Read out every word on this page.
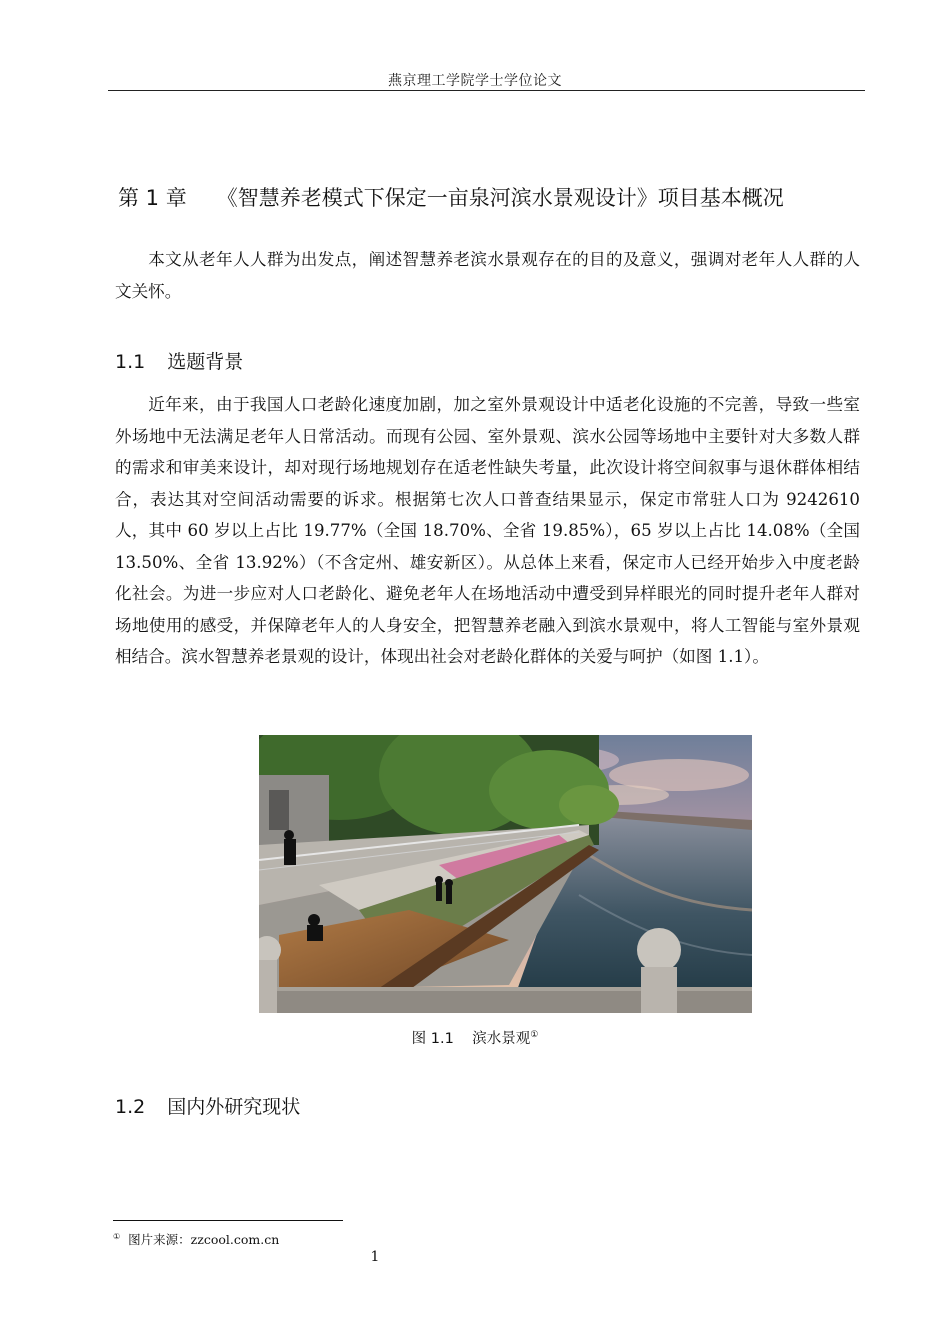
燕京理工学院学士学位论文
第 1 章 《智慧养老模式下保定一亩泉河滨水景观设计》项目基本概况

本文从老年人人群为出发点，阐述智慧养老滨水景观存在的目的及意义，强调对老年人人群的人文关怀。

1.1 选题背景

近年来，由于我国人口老龄化速度加剧，加之室外景观设计中适老化设施的不完善，导致一些室外场地中无法满足老年人日常活动。而现有公园、室外景观、滨水公园等场地中主要针对大多数人群的需求和审美来设计，却对现行场地规划存在适老性缺失考量，此次设计将空间叙事与退休群体相结合，表达其对空间活动需要的诉求。根据第七次人口普查结果显示，保定市常驻人口为 9242610 人，其中 60 岁以上占比 19.77%（全国 18.70%、全省 19.85%），65 岁以上占比 14.08%（全国 13.50%、全省 13.92%）（不含定州、雄安新区）。从总体上来看，保定市人已经开始步入中度老龄化社会。为进一步应对人口老龄化、避免老年人在场地活动中遭受到异样眼光的同时提升老年人群对场地使用的感受，并保障老年人的人身安全，把智慧养老融入到滨水景观中，将人工智能与室外景观相结合。滨水智慧养老景观的设计，体现出社会对老龄化群体的关爱与呵护（如图 1.1）。

图 1.1 滨水景观①
1.2 国内外研究现状
① 图片来源：zzcool.com.cn
1
